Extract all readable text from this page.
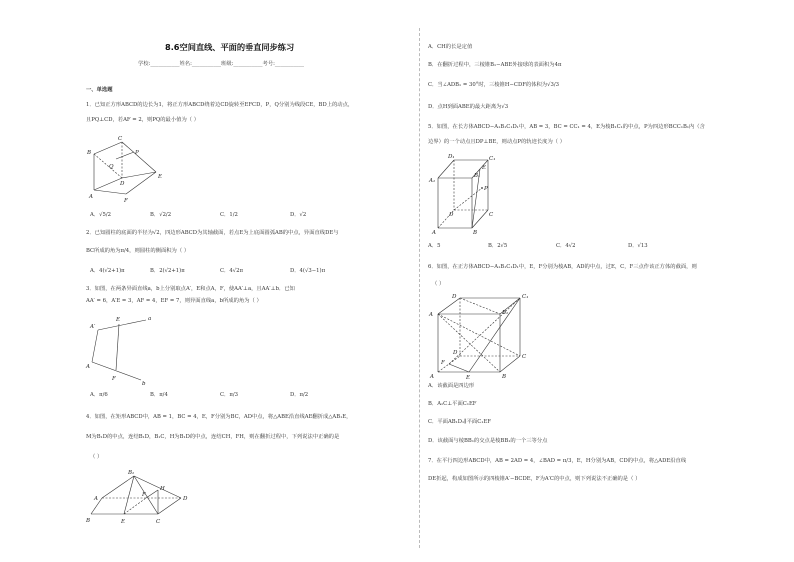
8.6空间直线、平面的垂直同步练习
学校:___________姓名:___________班级:___________考号:___________
一、单选题
1．已知正方形ABCD的边长为1，将正方形ABCD绕着边CD旋转至EFCD，P，Q分别为线段CE，BD上的动点，
且PQ⊥CD，若AF = 2，则PQ的最小值为（ ）
C
B	P
Q
D
E
A
F
A．√5/2	B．√2/2	C．1/2	D．√2
2．已知圆柱的底面的半径为√2，四边形ABCD为其轴截面，若点E为上底面圆弧AB的中点，异面直线DE与
BC所成的角为π/4，则圆柱的侧面积为（ ）
A．4(√2+1)π	B．2(√2+1)π	C．4√2π	D．4(√3−1)π
3．如图，在两条异面直线a，b上分别取点A′，E和点A，F，使AA′⊥a，且AA′⊥b．已知
AA′ = 6，A′E = 3，AF = 4，EF = 7，则异面直线a，b所成的角为（ ）
A′
E	a
A
F
b
A．π/6	B．π/4	C．π/3	D．π/2
4．如图，在矩形ABCD中，AB = 1，BC = 4，E，F分别为BC，AD中点，将△ABE沿直线AE翻折成△AB₁E，
M为B₁D的中点，连结B₁D，B₁C，H为B₁D的中点，连结CH，FH，则在翻折过程中，下列说法中正确的是
（ ）
B₁
A	D
F
H
B	E	C
A．CH的长是定值
B．在翻折过程中，三棱锥B₁−ABE外接球的表面积为4π
C．当∠ADB₁ = 30°时，三棱锥H−CDF的体积为√3/3
D．点H到面ABE的最大距离为√3
5．如图，在长方体ABCD−A₁B₁C₁D₁中，AB = 3，BC = CC₁ = 4，E为棱B₁C₁的中点，P为四边形BCC₁B₁内（含
边界）的一个动点且DP⊥BE，则动点P的轨迹长度为（ ）
D₁	C₁
A₁
B₁
E
P
D	C
A	B
A．5	B．2√5	C．4√2	D．√13
6．如图，在正方体ABCD−A₁B₁C₁D₁中，E，F分别为棱AB，AD的中点，过E，C，F三点作该正方体的截面，则
（ ）
D	C₁
A	B₁
F
D
C
A	E	B
A．该截面是四边形
B．A₁C⊥平面C₁EF
C．平面AB₁D₁∥平面C₁EF
D．该截面与棱BB₁的交点是棱BB₁的一个三等分点
7．在平行四边形ABCD中，AB = 2AD = 4，∠BAD = π/3，E，H分别为AB，CD的中点，将△ADE沿直线
DE折起，构成如图所示的四棱锥A′−BCDE，F为A′C的中点，则下列说法不正确的是（ ）
